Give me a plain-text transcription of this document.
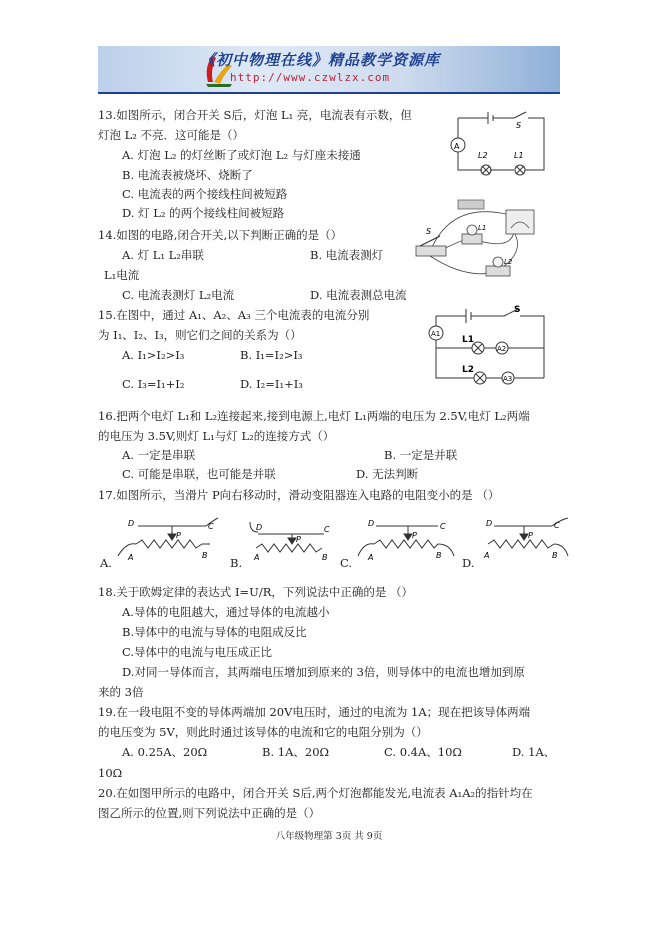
《初中物理在线》精品教学资源库
http://www.czwlzx.com
13.如图所示，闭合开关 S后，灯泡 L₁ 亮，电流表有示数，但
灯泡 L₂ 不亮．这可能是（）
A. 灯泡 L₂ 的灯丝断了或灯泡 L₂ 与灯座未接通
B. 电流表被烧坏、烧断了
C. 电流表的两个接线柱间被短路
D. 灯 L₂ 的两个接线柱间被短路
A
S
L2	L1
14.如图的电路,闭合开关,以下判断正确的是（）
A. 灯 L₁ L₂串联	B. 电流表测灯
L₁电流
C. 电流表测灯 L₂电流	D. 电流表测总电流
S	L1
L2
15.在图中，通过 A₁、A₂、A₃ 三个电流表的电流分别
为 I₁、I₂、I₃，则它们之间的关系为（）
A. I₁>I₂>I₃	B. I₁=I₂>I₃
C. I₃=I₁+I₂	D. I₂=I₁+I₃
A1
A2
A3
S
L1
L2
16.把两个电灯 L₁和 L₂连接起来,接到电源上,电灯 L₁两端的电压为 2.5V,电灯 L₂两端
的电压为 3.5V,则灯 L₁与灯 L₂的连接方式（）
A. 一定是串联	B. 一定是并联
C. 可能是串联，也可能是并联	D. 无法判断
17.如图所示，当滑片 P向右移动时，滑动变阻器连入电路的电阻变小的是 （）
A.	B.	C.	D.
D	C
P
A	B
D	C
P
A	B
D	C
P
A	B
D	C
P
A	B
18.关于欧姆定律的表达式 I=U/R，下列说法中正确的是 （）
A.导体的电阻越大，通过导体的电流越小
B.导体中的电流与导体的电阻成反比
C.导体中的电流与电压成正比
D.对同一导体而言，其两端电压增加到原来的 3倍，则导体中的电流也增加到原
来的 3倍
19.在一段电阻不变的导体两端加 20V电压时，通过的电流为 1A；现在把该导体两端
的电压变为 5V，则此时通过该导体的电流和它的电阻分别为（）
A. 0.25A、20Ω	B. 1A、20Ω	C. 0.4A、10Ω	D. 1A、
10Ω
20.在如图甲所示的电路中，闭合开关 S后,两个灯泡都能发光,电流表 A₁A₂的指针均在
图乙所示的位置,则下列说法中正确的是（）
八年级物理第 3页 共 9页
